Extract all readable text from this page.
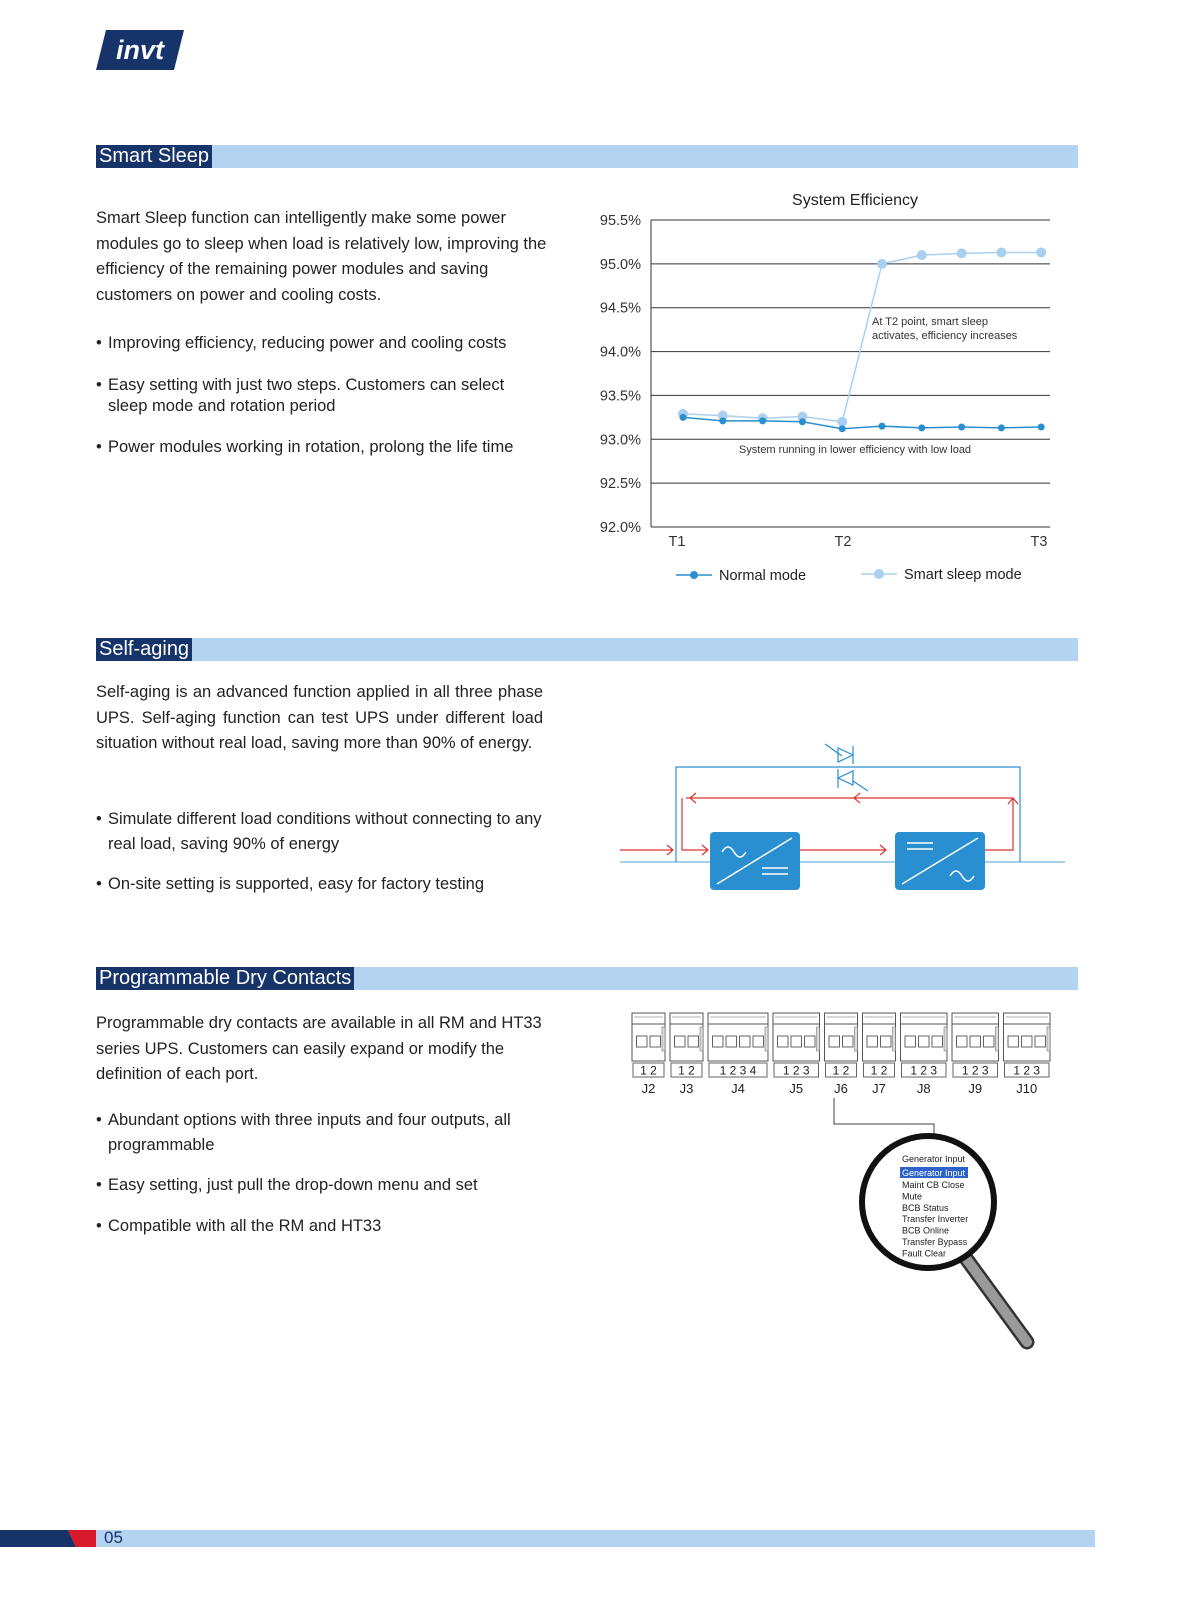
invt
Smart Sleep

Smart Sleep function can intelligently make some power modules go to sleep when load is relatively low, improving the efficiency of the remaining power modules and saving customers on power and cooling costs.

• Improving efficiency, reducing power and cooling costs
• Easy setting with just two steps. Customers can select sleep mode and rotation period
• Power modules working in rotation, prolong the life time
System Efficiency
95.5%
95.0%
94.5%
94.0%
93.5%
93.0%
92.5%
92.0%
T1	T2	T3
At T2 point, smart sleep
activates, efficiency increases
System running in lower efficiency with low load
Normal mode	Smart sleep mode
Self-aging

Self-aging is an advanced function applied in all three phase UPS. Self-aging function can test UPS under different load situation without real load, saving more than 90% of energy.

• Simulate different load conditions without connecting to any real load, saving 90% of energy
• On-site setting is supported, easy for factory testing
Programmable Dry Contacts

Programmable dry contacts are available in all RM and HT33 series UPS. Customers can easily expand or modify the definition of each port.

• Abundant options with three inputs and four outputs, all programmable
• Easy setting, just pull the drop-down menu and set
• Compatible with all the RM and HT33
1 2
J2
1 2
J3
1 2 3 4
J4
1 2 3
J5
1 2
J6
1 2
J7
1 2 3
J8
1 2 3
J9
1 2 3
J10
Generator Input
Generator Input
Maint CB Close
Mute
BCB Status
Transfer Inverter
BCB Online
Transfer Bypass
Fault Clear
05
